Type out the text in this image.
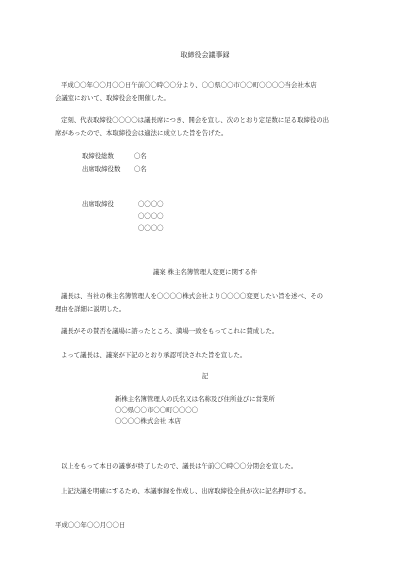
取締役会議事録
平成〇〇年〇〇月〇〇日午前〇〇時〇〇分より、〇〇県〇〇市〇〇町〇〇〇〇当会社本店
会議室において、取締役会を開催した。
定刻、代表取締役〇〇〇〇は議長席につき、開会を宣し、次のとおり定足数に足る取締役の出
席があったので、本取締役会は適法に成立した旨を告げた。
取締役総数	〇名
出席取締役数 〇名
出席取締役	〇〇〇〇
〇〇〇〇
〇〇〇〇
議案 株主名簿管理人変更に関する件
議長は、当社の株主名簿管理人を〇〇〇〇株式会社より〇〇〇〇変更したい旨を述べ、その
理由を詳細に説明した。
議長がその賛否を議場に諮ったところ、満場一致をもってこれに賛成した。
よって議長は、議案が下記のとおり承認可決された旨を宣した。
記
新株主名簿管理人の氏名又は名称及び住所並びに営業所
〇〇県〇〇市〇〇町〇〇〇〇
〇〇〇〇株式会社 本店
以上をもって本日の議事が終了したので、議長は午前〇〇時〇〇分閉会を宣した。
上記決議を明確にするため、本議事録を作成し、出席取締役全員が次に記名押印する。
平成〇〇年〇〇月〇〇日
